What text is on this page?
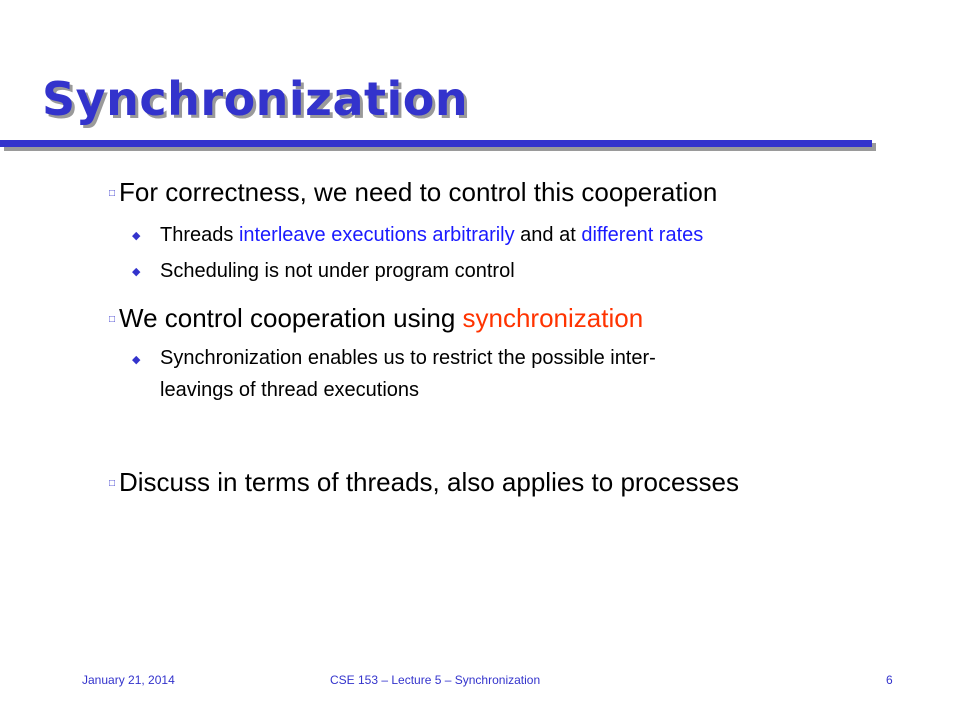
Synchronization
□ For correctness, we need to control this cooperation
◆ Threads interleave executions arbitrarily and at different rates
◆ Scheduling is not under program control
□ We control cooperation using synchronization
◆ Synchronization enables us to restrict the possible inter-
leavings of thread executions
□ Discuss in terms of threads, also applies to processes
January 21, 2014	CSE 153 – Lecture 5 – Synchronization	6
